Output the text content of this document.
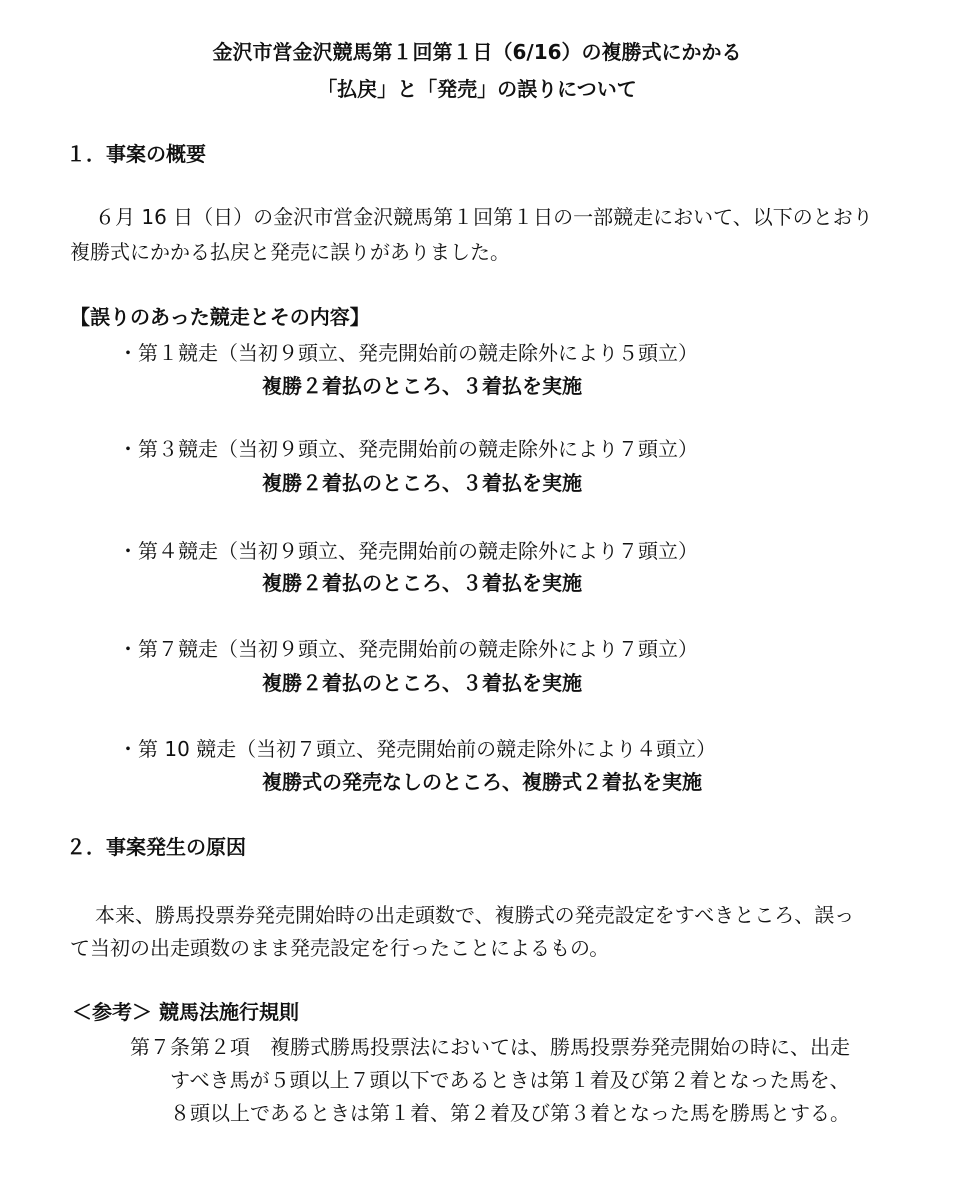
金沢市営金沢競馬第１回第１日（6/16）の複勝式にかかる
「払戻」と「発売」の誤りについて
１．事案の概要
６月 16 日（日）の金沢市営金沢競馬第１回第１日の一部競走において、以下のとおり
複勝式にかかる払戻と発売に誤りがありました。
【誤りのあった競走とその内容】
・第１競走（当初９頭立、発売開始前の競走除外により５頭立）
複勝２着払のところ、３着払を実施
・第３競走（当初９頭立、発売開始前の競走除外により７頭立）
複勝２着払のところ、３着払を実施
・第４競走（当初９頭立、発売開始前の競走除外により７頭立）
複勝２着払のところ、３着払を実施
・第７競走（当初９頭立、発売開始前の競走除外により７頭立）
複勝２着払のところ、３着払を実施
・第 10 競走（当初７頭立、発売開始前の競走除外により４頭立）
複勝式の発売なしのところ、複勝式２着払を実施
２．事案発生の原因
本来、勝馬投票券発売開始時の出走頭数で、複勝式の発売設定をすべきところ、誤っ
て当初の出走頭数のまま発売設定を行ったことによるもの。
＜参考＞ 競馬法施行規則
第７条第２項　複勝式勝馬投票法においては、勝馬投票券発売開始の時に、出走
すべき馬が５頭以上７頭以下であるときは第１着及び第２着となった馬を、
８頭以上であるときは第１着、第２着及び第３着となった馬を勝馬とする。
